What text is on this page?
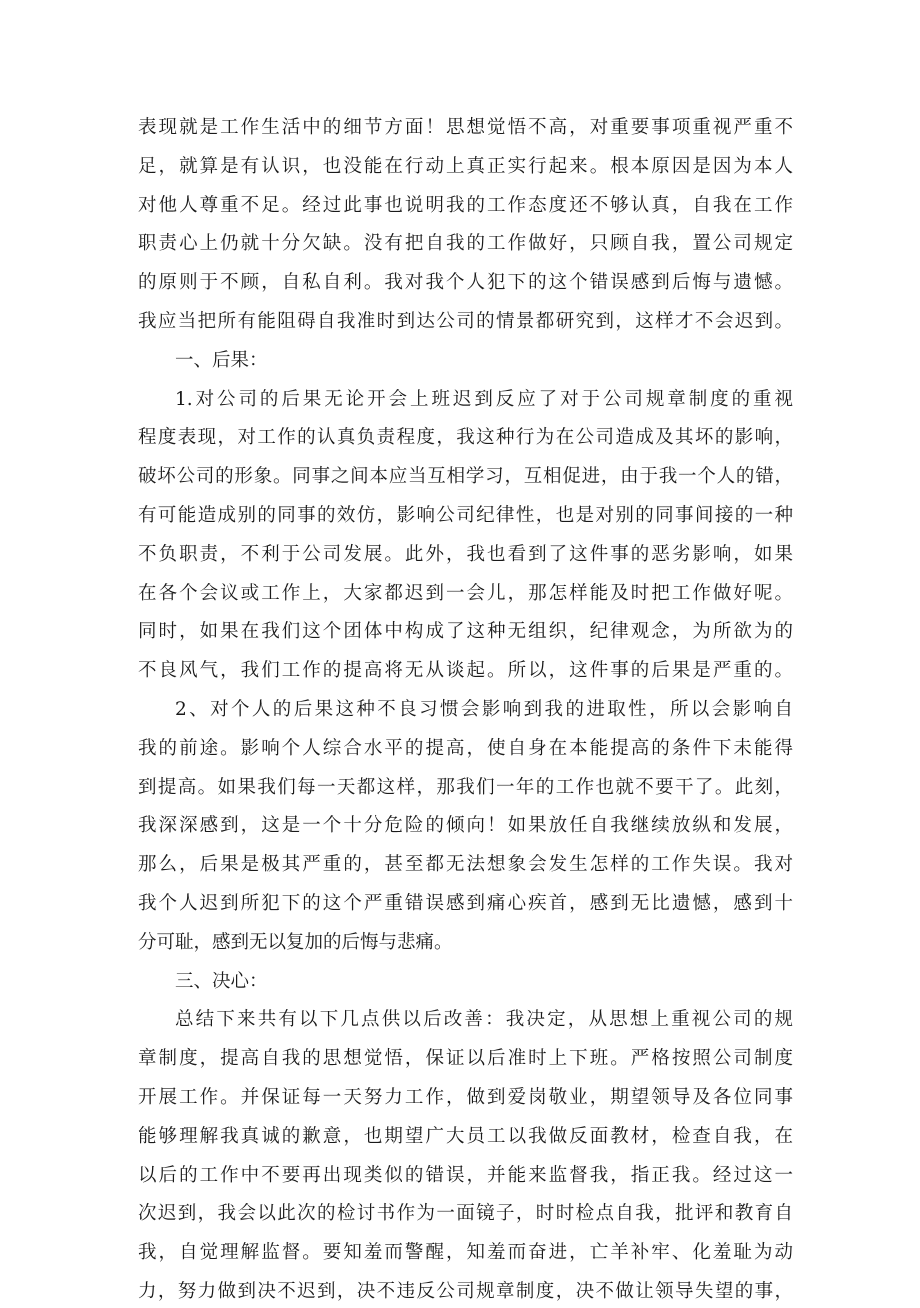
表现就是工作生活中的细节方面！思想觉悟不高，对重要事项重视严重不
足，就算是有认识，也没能在行动上真正实行起来。根本原因是因为本人
对他人尊重不足。经过此事也说明我的工作态度还不够认真，自我在工作
职责心上仍就十分欠缺。没有把自我的工作做好，只顾自我，置公司规定
的原则于不顾，自私自利。我对我个人犯下的这个错误感到后悔与遗憾。
我应当把所有能阻碍自我准时到达公司的情景都研究到，这样才不会迟到。
一、后果：
1.对公司的后果无论开会上班迟到反应了对于公司规章制度的重视
程度表现，对工作的认真负责程度，我这种行为在公司造成及其坏的影响，
破坏公司的形象。同事之间本应当互相学习，互相促进，由于我一个人的错，
有可能造成别的同事的效仿，影响公司纪律性，也是对别的同事间接的一种
不负职责，不利于公司发展。此外，我也看到了这件事的恶劣影响，如果
在各个会议或工作上，大家都迟到一会儿，那怎样能及时把工作做好呢。
同时，如果在我们这个团体中构成了这种无组织，纪律观念，为所欲为的
不良风气，我们工作的提高将无从谈起。所以，这件事的后果是严重的。
2、对个人的后果这种不良习惯会影响到我的进取性，所以会影响自
我的前途。影响个人综合水平的提高，使自身在本能提高的条件下未能得
到提高。如果我们每一天都这样，那我们一年的工作也就不要干了。此刻，
我深深感到，这是一个十分危险的倾向！如果放任自我继续放纵和发展，
那么，后果是极其严重的，甚至都无法想象会发生怎样的工作失误。我对
我个人迟到所犯下的这个严重错误感到痛心疾首，感到无比遗憾，感到十
分可耻，感到无以复加的后悔与悲痛。
三、决心：
总结下来共有以下几点供以后改善：我决定，从思想上重视公司的规
章制度，提高自我的思想觉悟，保证以后准时上下班。严格按照公司制度
开展工作。并保证每一天努力工作，做到爱岗敬业，期望领导及各位同事
能够理解我真诚的歉意，也期望广大员工以我做反面教材，检查自我，在
以后的工作中不要再出现类似的错误，并能来监督我，指正我。经过这一
次迟到，我会以此次的检讨书作为一面镜子，时时检点自我，批评和教育自
我，自觉理解监督。要知羞而警醒，知羞而奋进，亡羊补牢、化羞耻为动
力，努力做到决不迟到，决不违反公司规章制度，决不做让领导失望的事，
